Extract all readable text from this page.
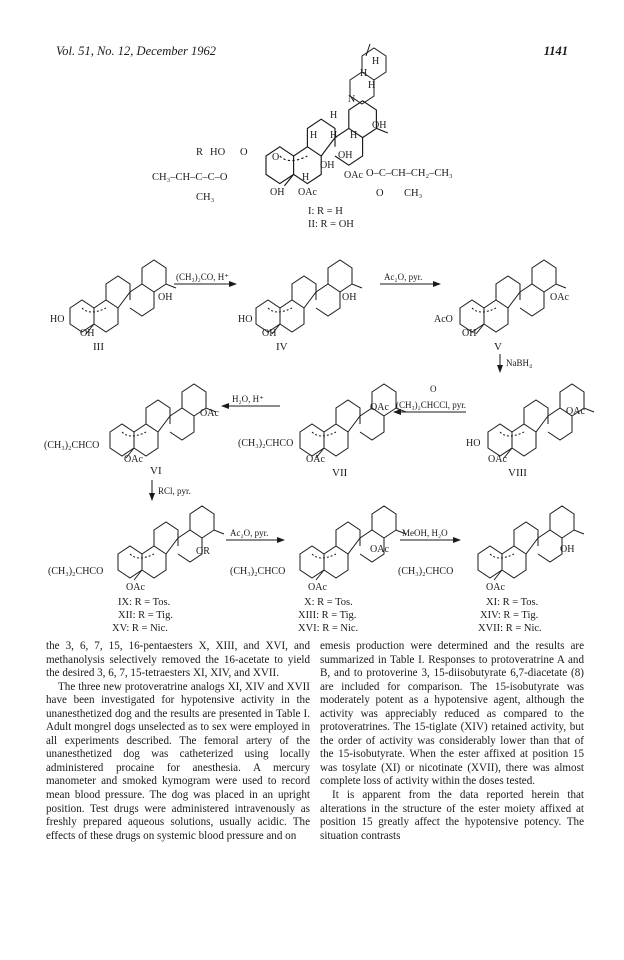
Vol. 51, No. 12, December 1962	1141
H
H
N
H
H
H
OH
H H
OH
OH
OAc
H
OH OAc
O
R HO O
CH₃–CH–C–C–O
CH₃
O–C–CH–CH₂–CH₃
O CH₃
I: R = H
II: R = OH
HO
OH
OH
III
(CH₃)₂CO, H⁺
HO
OH
OH
IV
Ac₂O, pyr.
AcO
OH
OAc
V
NaBH₄
(CH₃)₂CHCO
OAc
OAc
VI
H₂O, H⁺
(CH₃)₂CHCO
OAc
OAc
VII
O
(CH₃)₂CHCCl, pyr.
HO
OAc
OAc
VIII
RCl, pyr.
(CH₃)₂CHCO
OR
OAc
Ac₂O, pyr.
(CH₃)₂CHCO
OAc
OAc
MeOH, H₂O
(CH₃)₂CHCO
OH
OAc
IX: R = Tos.
XII: R = Tig.
XV: R = Nic.
X: R = Tos.
XIII: R = Tig.
XVI: R = Nic.
XI: R = Tos.
XIV: R = Tig.
XVII: R = Nic.

the 3, 6, 7, 15, 16-pentaesters X, XIII, and XVI, and methanolysis selectively removed the 16-acetate to yield the desired 3, 6, 7, 15-tetraesters XI, XIV, and XVII.

The three new protoveratrine analogs XI, XIV and XVII have been investigated for hypotensive activity in the unanesthetized dog and the results are presented in Table I. Adult mongrel dogs unselected as to sex were employed in all experiments described. The femoral artery of the unanesthetized dog was catheterized using locally administered procaine for anesthesia. A mercury manometer and smoked kymogram were used to record mean blood pressure. The dog was placed in an upright position. Test drugs were administered intravenously as freshly prepared aqueous solutions, usually acidic. The effects of these drugs on systemic blood pressure and on

emesis production were determined and the results are summarized in Table I. Responses to protoveratrine A and B, and to protoverine 3, 15-diisobutyrate 6,7-diacetate (8) are included for comparison. The 15-isobutyrate was moderately potent as a hypotensive agent, although the activity was appreciably reduced as compared to the protoveratrines. The 15-tiglate (XIV) retained activity, but the order of activity was considerably lower than that of the 15-isobutyrate. When the ester affixed at position 15 was tosylate (XI) or nicotinate (XVII), there was almost complete loss of activity within the doses tested.

It is apparent from the data reported herein that alterations in the structure of the ester moiety affixed at position 15 greatly affect the hypotensive potency. The situation contrasts
